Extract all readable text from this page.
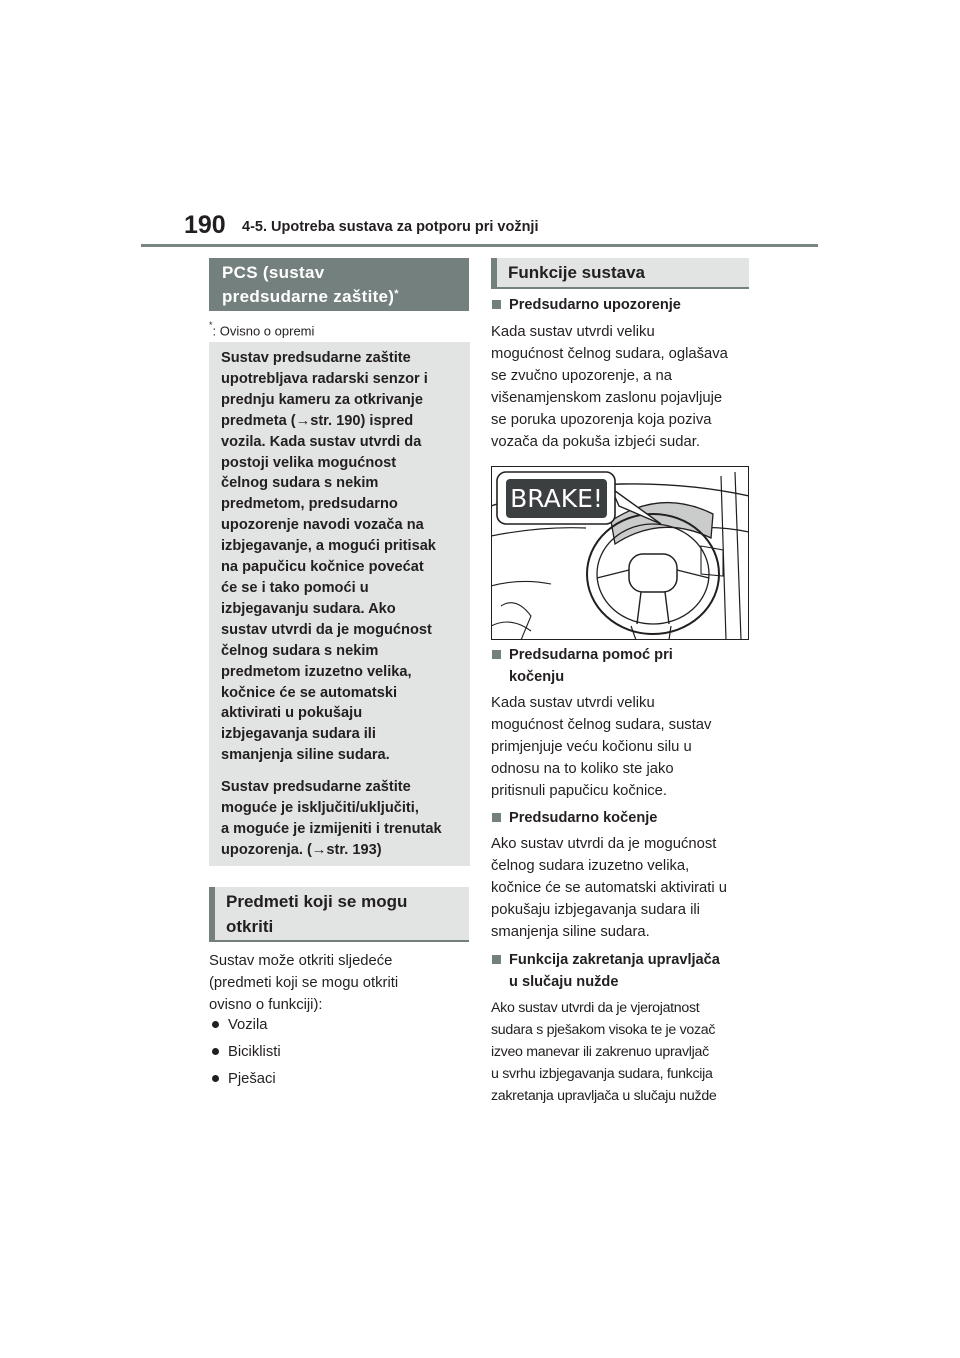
190 4-5. Upotreba sustava za potporu pri vožnji
PCS (sustav
predsudarne zaštite)*
*: Ovisno o opremi

Sustav predsudarne zaštite
upotrebljava radarski senzor i
prednju kameru za otkrivanje
predmeta (→str. 190) ispred
vozila. Kada sustav utvrdi da
postoji velika mogućnost
čelnog sudara s nekim
predmetom, predsudarno
upozorenje navodi vozača na
izbjegavanje, a mogući pritisak
na papučicu kočnice povećat
će se i tako pomoći u
izbjegavanju sudara. Ako
sustav utvrdi da je mogućnost
čelnog sudara s nekim
predmetom izuzetno velika,
kočnice će se automatski
aktivirati u pokušaju
izbjegavanja sudara ili
smanjenja siline sudara.

Sustav predsudarne zaštite
moguće je isključiti/uključiti,
a moguće je izmijeniti i trenutak
upozorenja. (→str. 193)

Predmeti koji se mogu
otkriti
Sustav može otkriti sljedeće
(predmeti koji se mogu otkriti
ovisno o funkciji):
Vozila
Biciklisti
Pješaci
Funkcije sustava
Predsudarno upozorenje
Kada sustav utvrdi veliku
mogućnost čelnog sudara, oglašava
se zvučno upozorenje, a na
višenamjenskom zaslonu pojavljuje
se poruka upozorenja koja poziva
vozača da pokuša izbjeći sudar.
BRAKE!
Predsudarna pomoć pri
kočenju
Kada sustav utvrdi veliku
mogućnost čelnog sudara, sustav
primjenjuje veću kočionu silu u
odnosu na to koliko ste jako
pritisnuli papučicu kočnice.
Predsudarno kočenje
Ako sustav utvrdi da je mogućnost
čelnog sudara izuzetno velika,
kočnice će se automatski aktivirati u
pokušaju izbjegavanja sudara ili
smanjenja siline sudara.
Funkcija zakretanja upravljača
u slučaju nužde
Ako sustav utvrdi da je vjerojatnost
sudara s pješakom visoka te je vozač
izveo manevar ili zakrenuo upravljač
u svrhu izbjegavanja sudara, funkcija
zakretanja upravljača u slučaju nužde
